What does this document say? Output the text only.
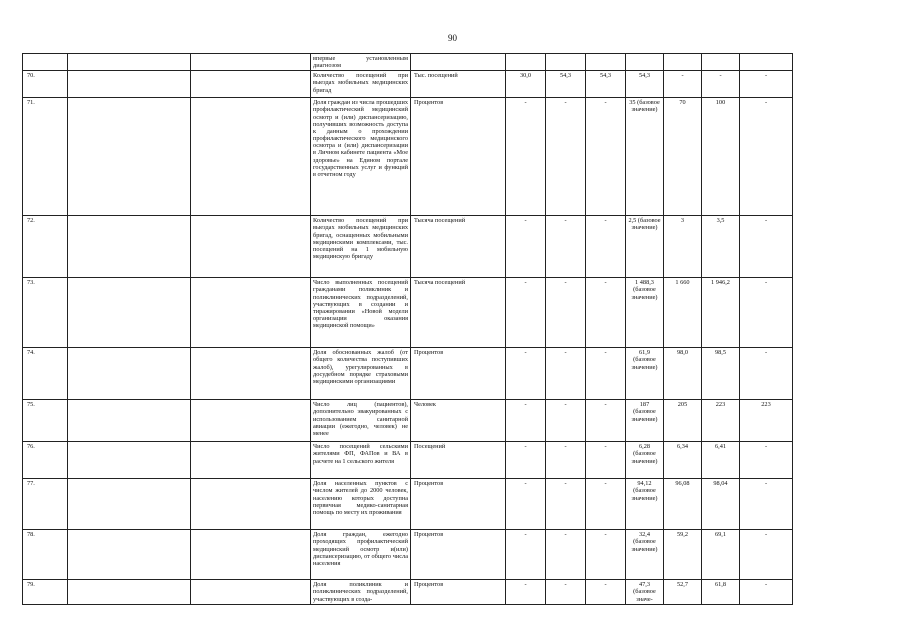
90
			впервые установленным диагнозом								
70.			Количество посещений при выездах мобильных медицинских бригад	Тыс. посещений	30,0	54,3	54,3	54,3	-	-	-
71.			Доля граждан из числа прошедших профилактический медицинский осмотр и (или) диспансеризацию, получивших возможность доступа к данным о прохождении профилактического медицинского осмотра и (или) диспансеризации в Личном кабинете пациента «Мое здоровье» на Едином портале государственных услуг и функций в отчетном году	Процентов	-	-	-	35 (базовое значение)	70	100	-
72.			Количество посещений при выездах мобильных медицинских бригад, оснащенных мобильными медицинскими комплексами, тыс. посещений на 1 мобильную медицинскую бригаду	Тысяча посещений	-	-	-	2,5 (базовое значение)	3	3,5	-
73.			Число выполненных посещений гражданами поликлиник и поликлинических подразделений, участвующих в создании и тиражировании «Новой модели организации оказания медицинской помощи»	Тысяча посещений	-	-	-	1 488,3 (базовое значение)	1 660	1 946,2	-
74.			Доля обоснованных жалоб (от общего количества поступивших жалоб), урегулированных в досудебном порядке страховыми медицинскими организациями	Процентов	-	-	-	61,9 (базовое значение)	98,0	98,5	-
75.			Число лиц (пациентов), дополнительно эвакуированных с использованием санитарной авиации (ежегодно, человек) не менее	Человек	-	-	-	187 (базовое значение)	205	223	223
76.			Число посещений сельскими жителями ФП, ФАПов и ВА в расчете на 1 сельского жителя	Посещений	-	-	-	6,28 (базовое значение)	6,34	6,41	-
77.			Доля населенных пунктов с числом жителей до 2000 человек, населению которых доступна первичная медико-санитарная помощь по месту их проживания	Процентов	-	-	-	94,12 (базовое значение)	96,08	98,04	-
78.			Доля граждан, ежегодно проходящих профилактический медицинский осмотр и(или) диспансеризацию, от общего числа населения	Процентов	-	-	-	32,4 (базовое значение)	59,2	69,1	-
79.			Доля поликлиник и поликлинических подразделений, участвующих в созда-	Процентов	-	-	-	47,3 (базовое значе-	52,7	61,8	-
